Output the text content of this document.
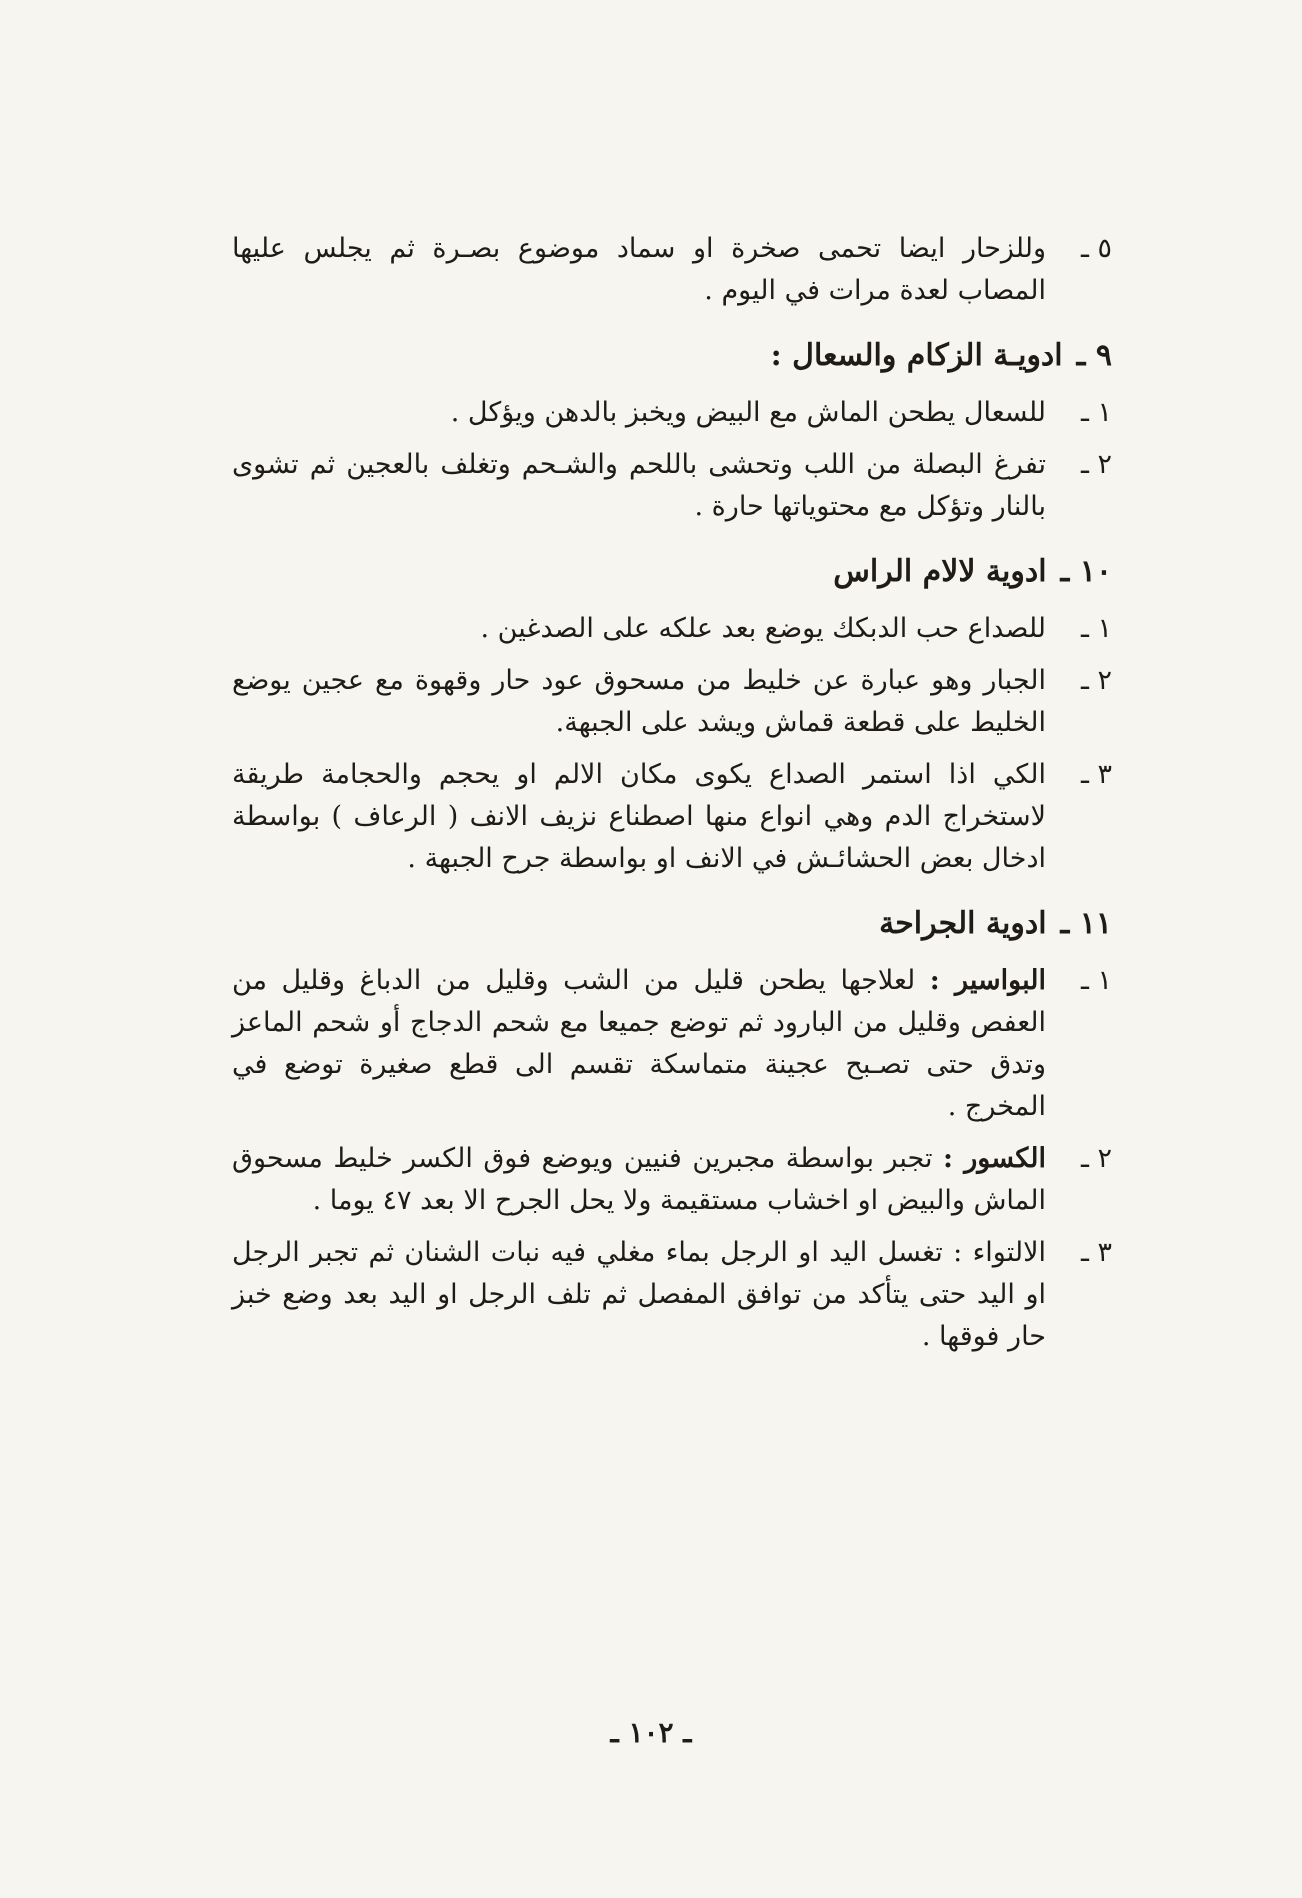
٥ ـ
وللزحار ايضا تحمى صخرة او سماد موضوع بصـرة ثم يجلس عليها المصاب لعدة مرات في اليوم .
٩ ـ
ادويـة الزكام والسعال :
١ ـ
للسعال يطحن الماش مع البيض ويخبز بالدهن ويؤكل .
٢ ـ
تفرغ البصلة من اللب وتحشى باللحم والشـحم وتغلف بالعجين ثم تشوى بالنار وتؤكل مع محتوياتها حارة .
١٠ ـ
ادوية لالام الراس
١ ـ
للصداع حب الدبكك يوضع بعد علكه على الصدغين .
٢ ـ
الجبار وهو عبارة عن خليط من مسحوق عود حار وقهوة مع عجين يوضع الخليط على قطعة قماش ويشد على الجبهة.
٣ ـ
الكي اذا استمر الصداع يكوى مكان الالم او يحجم والحجامة طريقة لاستخراج الدم وهي انواع منها اصطناع نزيف الانف ( الرعاف ) بواسطة ادخال بعض الحشائـش في الانف او بواسطة جرح الجبهة .
١١ ـ
ادوية الجراحة
١ ـ
البواسير : لعلاجها يطحن قليل من الشب وقليل من الدباغ وقليل من العفص وقليل من البارود ثم توضع جميعا مع شحم الدجاج أو شحم الماعز وتدق حتى تصـبح عجينة متماسكة تقسم الى قطع صغيرة توضع في المخرج .
٢ ـ
الكسور : تجبر بواسطة مجبرين فنيين ويوضع فوق الكسر خليط مسحوق الماش والبيض او اخشاب مستقيمة ولا يحل الجرح الا بعد ٤٧ يوما .
٣ ـ
الالتواء : تغسل اليد او الرجل بماء مغلي فيه نبات الشنان ثم تجبر الرجل او اليد حتى يتأكد من توافق المفصل ثم تلف الرجل او اليد بعد وضع خبز حار فوقها .
ـ ١٠٢ ـ
